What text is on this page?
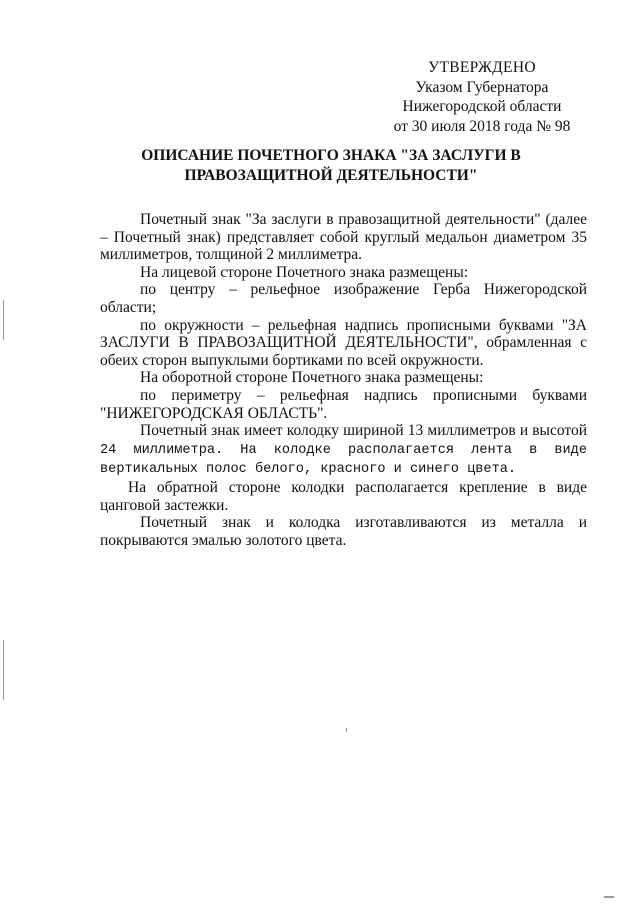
УТВЕРЖДЕНО
Указом Губернатора
Нижегородской области
от 30 июля 2018 года № 98
ОПИСАНИЕ ПОЧЕТНОГО ЗНАКА "ЗА ЗАСЛУГИ В
ПРАВОЗАЩИТНОЙ ДЕЯТЕЛЬНОСТИ"

Почетный знак "За заслуги в правозащитной деятельности" (далее – Почетный знак) представляет собой круглый медальон диаметром 35 миллиметров, толщиной 2 миллиметра.

На лицевой стороне Почетного знака размещены:

по центру – рельефное изображение Герба Нижегородской области;

по окружности – рельефная надпись прописными буквами "ЗА ЗАСЛУГИ В ПРАВОЗАЩИТНОЙ ДЕЯТЕЛЬНОСТИ", обрамленная с обеих сторон выпуклыми бортиками по всей окружности.

На оборотной стороне Почетного знака размещены:

по периметру – рельефная надпись прописными буквами "НИЖЕГОРОДСКАЯ ОБЛАСТЬ".

Почетный знак имеет колодку шириной 13 миллиметров и высотой 24 миллиметра. На колодке располагается лента в виде вертикальных полос белого, красного и синего цвета.

На обратной стороне колодки располагается крепление в виде цанговой застежки.

Почетный знак и колодка изготавливаются из металла и покрываются эмалью золотого цвета.
